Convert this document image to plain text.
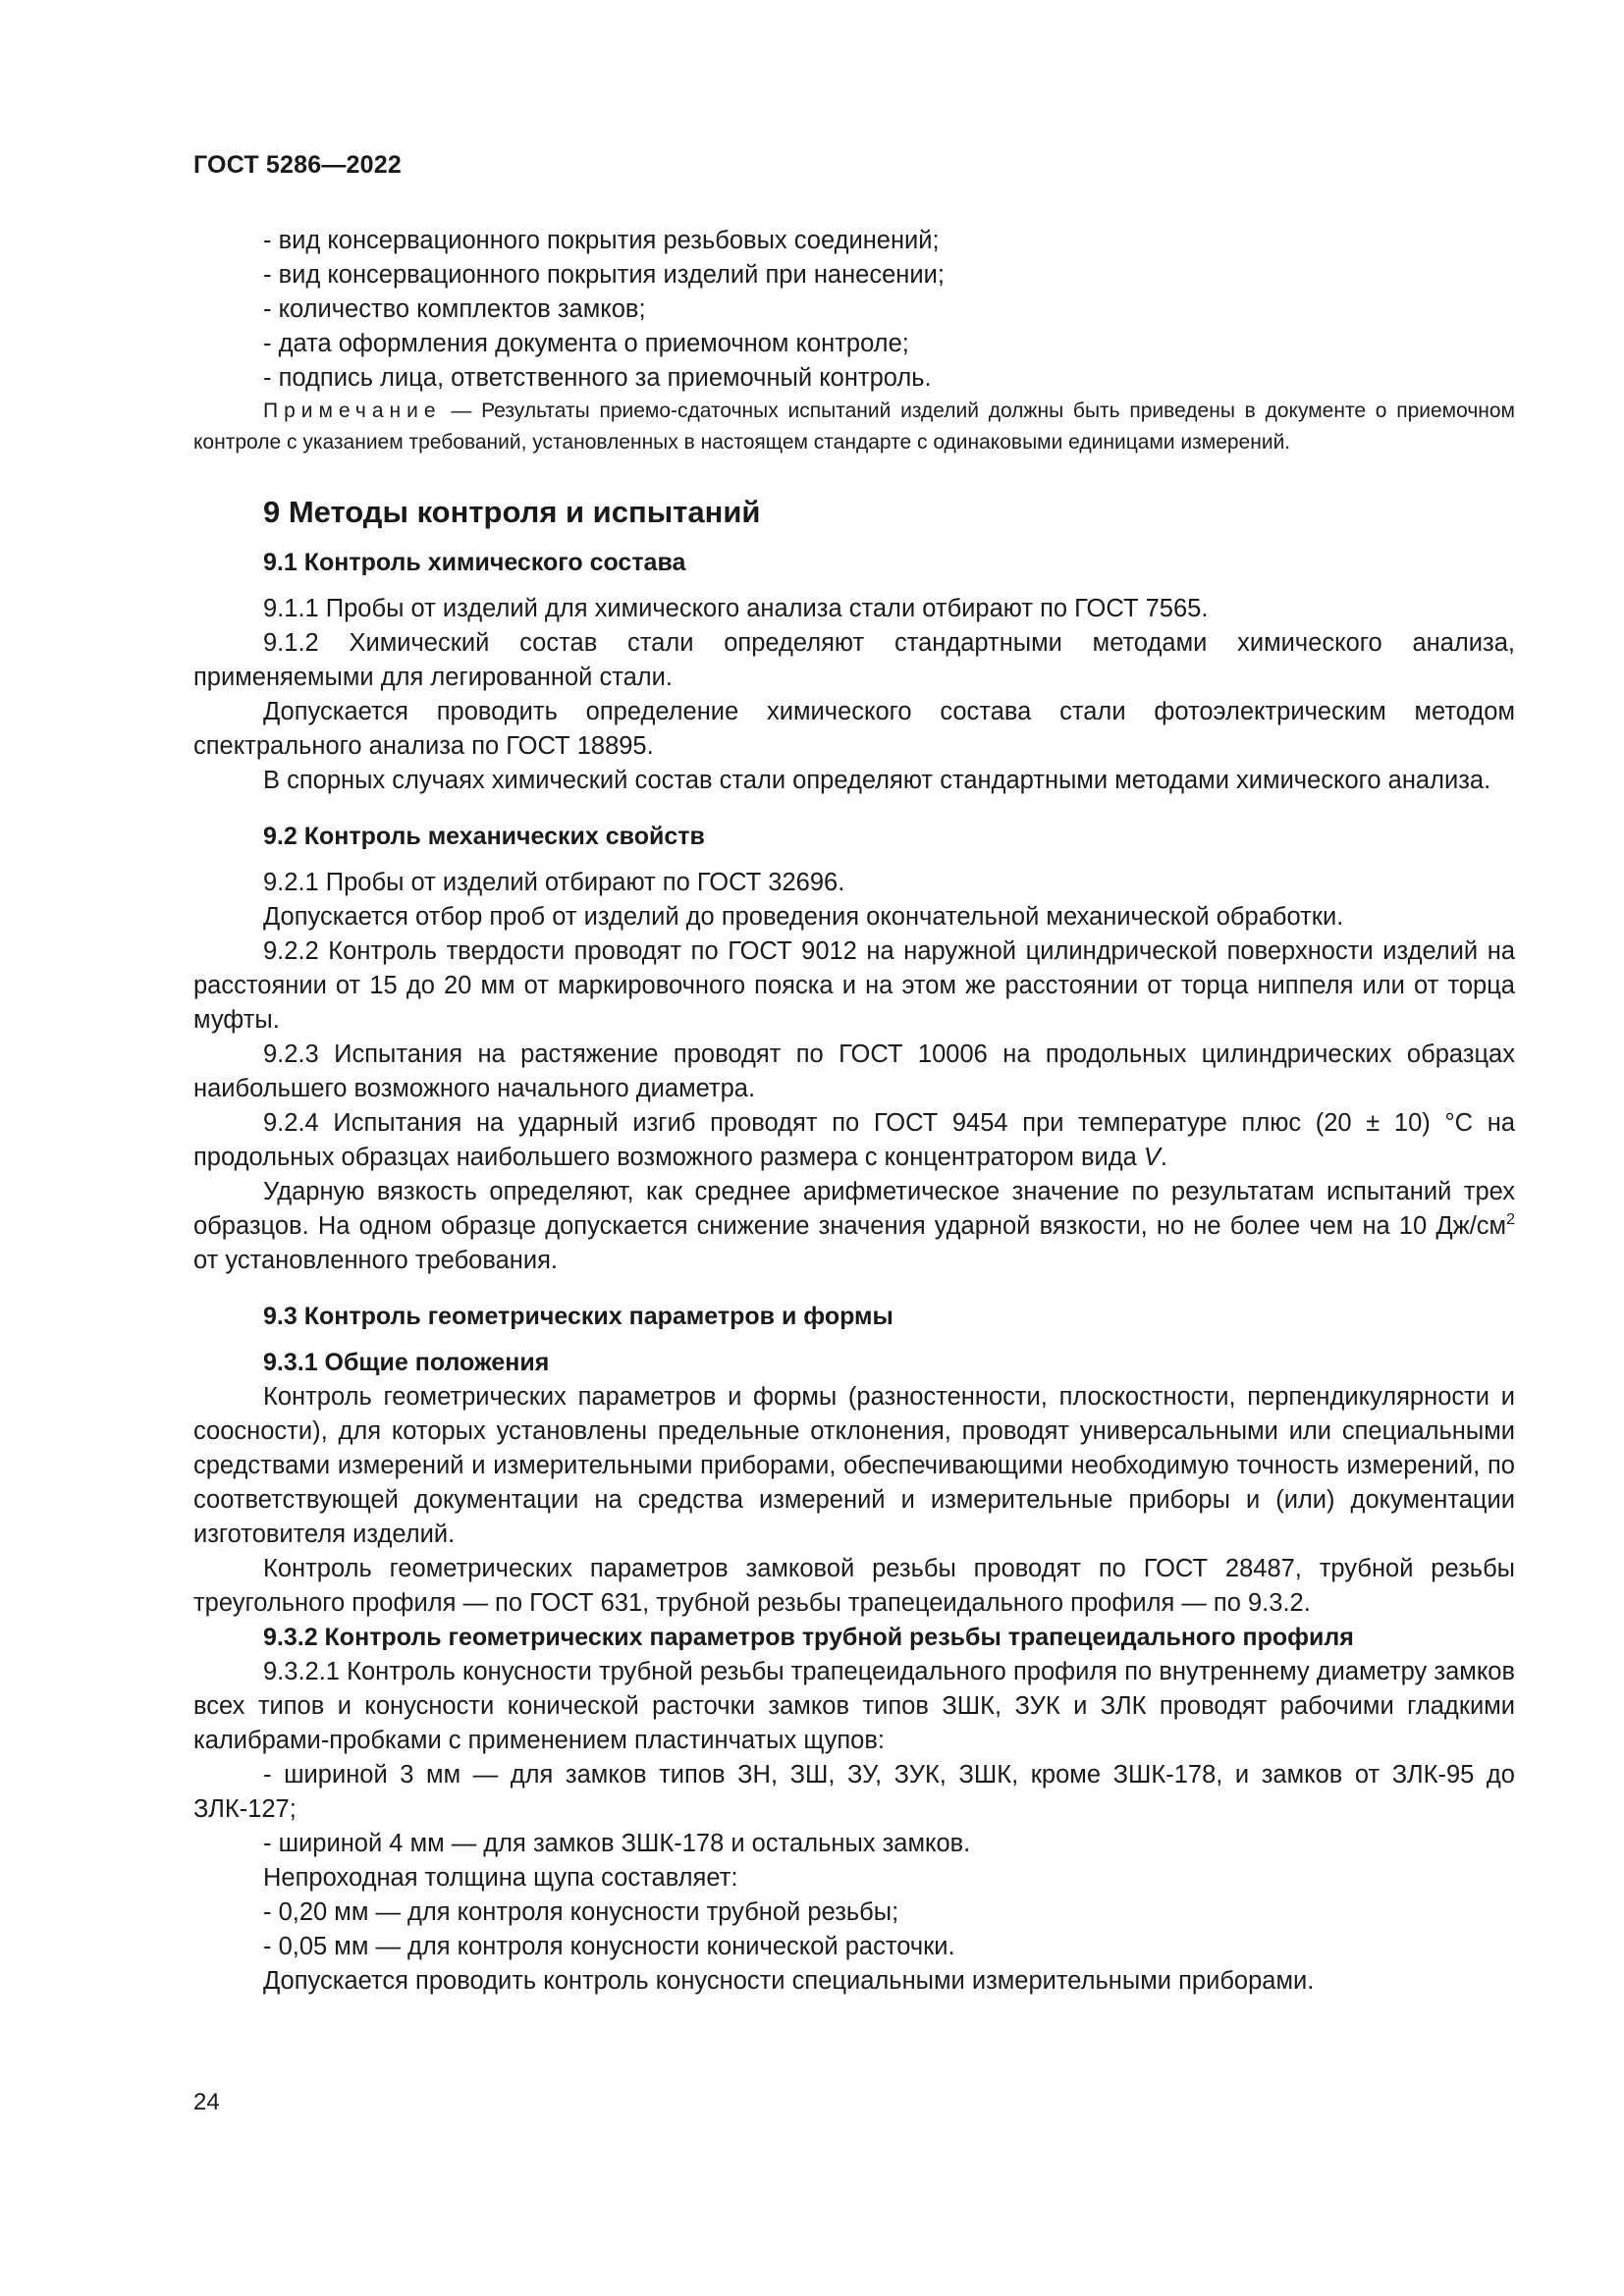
ГОСТ 5286—2022

- вид консервационного покрытия резьбовых соединений;

- вид консервационного покрытия изделий при нанесении;

- количество комплектов замков;

- дата оформления документа о приемочном контроле;

- подпись лица, ответственного за приемочный контроль.

Примечание — Результаты приемо-сдаточных испытаний изделий должны быть приведены в документе о приемочном контроле с указанием требований, установленных в настоящем стандарте с одинаковыми единицами измерений.

9 Методы контроля и испытаний

9.1 Контроль химического состава

9.1.1 Пробы от изделий для химического анализа стали отбирают по ГОСТ 7565.

9.1.2 Химический состав стали определяют стандартными методами химического анализа, применяемыми для легированной стали.

Допускается проводить определение химического состава стали фотоэлектрическим методом спектрального анализа по ГОСТ 18895.

В спорных случаях химический состав стали определяют стандартными методами химического анализа.

9.2 Контроль механических свойств

9.2.1 Пробы от изделий отбирают по ГОСТ 32696.

Допускается отбор проб от изделий до проведения окончательной механической обработки.

9.2.2 Контроль твердости проводят по ГОСТ 9012 на наружной цилиндрической поверхности изделий на расстоянии от 15 до 20 мм от маркировочного пояска и на этом же расстоянии от торца ниппеля или от торца муфты.

9.2.3 Испытания на растяжение проводят по ГОСТ 10006 на продольных цилиндрических образцах наибольшего возможного начального диаметра.

9.2.4 Испытания на ударный изгиб проводят по ГОСТ 9454 при температуре плюс (20 ± 10) °С на продольных образцах наибольшего возможного размера с концентратором вида V.

Ударную вязкость определяют, как среднее арифметическое значение по результатам испытаний трех образцов. На одном образце допускается снижение значения ударной вязкости, но не более чем на 10 $Дж/см^2$ от установленного требования.

9.3 Контроль геометрических параметров и формы

9.3.1 Общие положения

Контроль геометрических параметров и формы (разностенности, плоскостности, перпендикулярности и соосности), для которых установлены предельные отклонения, проводят универсальными или специальными средствами измерений и измерительными приборами, обеспечивающими необходимую точность измерений, по соответствующей документации на средства измерений и измерительные приборы и (или) документации изготовителя изделий.

Контроль геометрических параметров замковой резьбы проводят по ГОСТ 28487, трубной резьбы треугольного профиля — по ГОСТ 631, трубной резьбы трапецеидального профиля — по 9.3.2.

9.3.2 Контроль геометрических параметров трубной резьбы трапецеидального профиля

9.3.2.1 Контроль конусности трубной резьбы трапецеидального профиля по внутреннему диаметру замков всех типов и конусности конической расточки замков типов ЗШК, ЗУК и ЗЛК проводят рабочими гладкими калибрами-пробками с применением пластинчатых щупов:

- шириной 3 мм — для замков типов ЗН, ЗШ, ЗУ, ЗУК, ЗШК, кроме ЗШК-178, и замков от ЗЛК-95 до ЗЛК-127;

- шириной 4 мм — для замков ЗШК-178 и остальных замков.

Непроходная толщина щупа составляет:

- 0,20 мм — для контроля конусности трубной резьбы;

- 0,05 мм — для контроля конусности конической расточки.

Допускается проводить контроль конусности специальными измерительными приборами.

24
